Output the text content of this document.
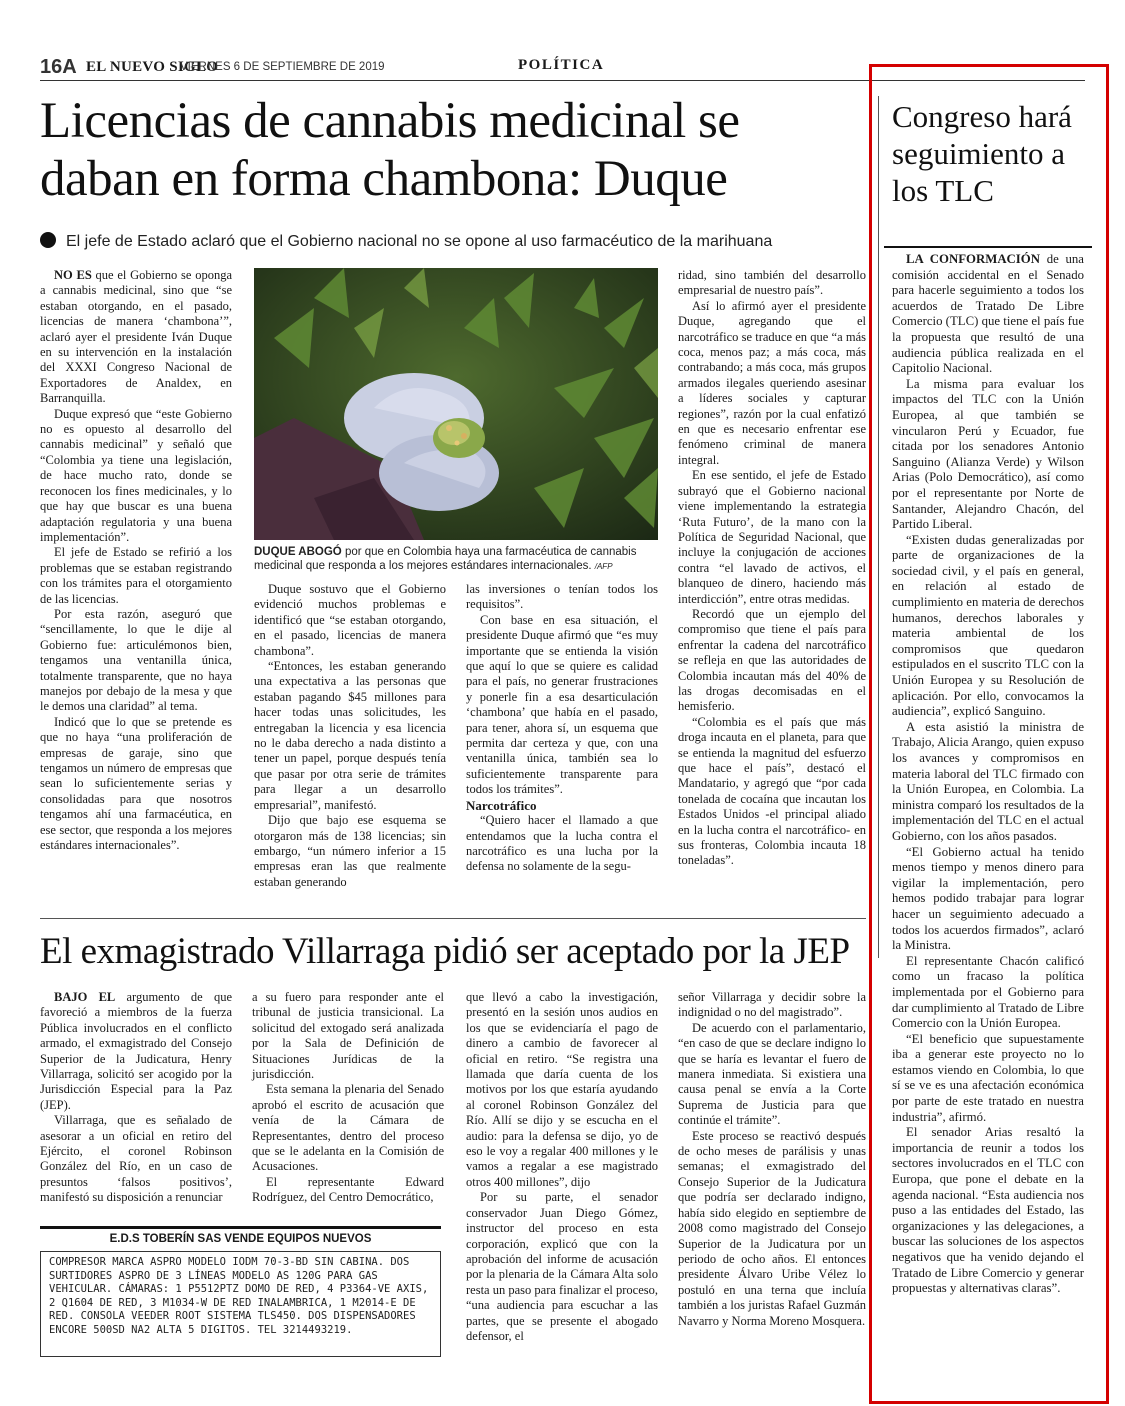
16A EL NUEVO SIGLO
VIERNES 6 DE SEPTIEMBRE DE 2019	POLÍTICA
Licencias de cannabis medicinal se daban en forma chambona: Duque
El jefe de Estado aclaró que el Gobierno nacional no se opone al uso farmacéutico de la marihuana

NO ES que el Gobierno se oponga a cannabis medicinal, sino que “se estaban otorgando, en el pasado, licencias de manera ‘chambona’”, aclaró ayer el presidente Iván Duque en su intervención en la instalación del XXXI Congreso Nacional de Exportadores de Analdex, en Barranquilla.

Duque expresó que “este Gobierno no es opuesto al desarrollo del cannabis medicinal” y señaló que “Colombia ya tiene una legislación, de hace mucho rato, donde se reconocen los fines medicinales, y lo que hay que buscar es una buena adaptación regulatoria y una buena implementación”.

El jefe de Estado se refirió a los problemas que se estaban registrando con los trámites para el otorgamiento de las licencias.

Por esta razón, aseguró que “sencillamente, lo que le dije al Gobierno fue: articulémonos bien, tengamos una ventanilla única, totalmente transparente, que no haya manejos por debajo de la mesa y que le demos una claridad” al tema.

Indicó que lo que se pretende es que no haya “una proliferación de empresas de garaje, sino que tengamos un número de empresas que sean lo suficientemente serias y consolidadas para que nosotros tengamos ahí una farmacéutica, en ese sector, que responda a los mejores estándares internacionales”.

DUQUE ABOGÓ por que en Colombia haya una farmacéutica de cannabis medicinal que responda a los mejores estándares internacionales. /AFP

Duque sostuvo que el Gobierno evidenció muchos problemas e identificó que “se estaban otorgando, en el pasado, licencias de manera chambona”.

“Entonces, les estaban generando una expectativa a las personas que estaban pagando $45 millones para hacer todas unas solicitudes, les entregaban la licencia y esa licencia no le daba derecho a nada distinto a tener un papel, porque después tenía que pasar por otra serie de trámites para llegar a un desarrollo empresarial”, manifestó.

Dijo que bajo ese esquema se otorgaron más de 138 licencias; sin embargo, “un número inferior a 15 empresas eran las que realmente estaban generando

las inversiones o tenían todos los requisitos”.

Con base en esa situación, el presidente Duque afirmó que “es muy importante que se entienda la visión que aquí lo que se quiere es calidad para el país, no generar frustraciones y ponerle fin a esa desarticulación ‘chambona’ que había en el pasado, para tener, ahora sí, un esquema que permita dar certeza y que, con una ventanilla única, también sea lo suficientemente transparente para todos los trámites”.

Narcotráfico

“Quiero hacer el llamado a que entendamos que la lucha contra el narcotráfico es una lucha por la defensa no solamente de la segu-

ridad, sino también del desarrollo empresarial de nuestro país”.

Así lo afirmó ayer el presidente Duque, agregando que el narcotráfico se traduce en que “a más coca, menos paz; a más coca, más contrabando; a más coca, más grupos armados ilegales queriendo asesinar a líderes sociales y capturar regiones”, razón por la cual enfatizó en que es necesario enfrentar ese fenómeno criminal de manera integral.

En ese sentido, el jefe de Estado subrayó que el Gobierno nacional viene implementando la estrategia ‘Ruta Futuro’, de la mano con la Política de Seguridad Nacional, que incluye la conjugación de acciones contra “el lavado de activos, el blanqueo de dinero, haciendo más interdicción”, entre otras medidas.

Recordó que un ejemplo del compromiso que tiene el país para enfrentar la cadena del narcotráfico se refleja en que las autoridades de Colombia incautan más del 40% de las drogas decomisadas en el hemisferio.

“Colombia es el país que más droga incauta en el planeta, para que se entienda la magnitud del esfuerzo que hace el país”, destacó el Mandatario, y agregó que “por cada tonelada de cocaína que incautan los Estados Unidos -el principal aliado en la lucha contra el narcotráfico- en sus fronteras, Colombia incauta 18 toneladas”.

El exmagistrado Villarraga pidió ser aceptado por la JEP

BAJO EL argumento de que favoreció a miembros de la fuerza Pública involucrados en el conflicto armado, el exmagistrado del Consejo Superior de la Judicatura, Henry Villarraga, solicitó ser acogido por la Jurisdicción Especial para la Paz (JEP).

Villarraga, que es señalado de asesorar a un oficial en retiro del Ejército, el coronel Robinson González del Río, en un caso de presuntos ‘falsos positivos’, manifestó su disposición a renunciar

a su fuero para responder ante el tribunal de justicia transicional. La solicitud del extogado será analizada por la Sala de Definición de Situaciones Jurídicas de la jurisdicción.

Esta semana la plenaria del Senado aprobó el escrito de acusación que venía de la Cámara de Representantes, dentro del proceso que se le adelanta en la Comisión de Acusaciones.

El representante Edward Rodríguez, del Centro Democrático,

que llevó a cabo la investigación, presentó en la sesión unos audios en los que se evidenciaría el pago de dinero a cambio de favorecer al oficial en retiro. “Se registra una llamada que daría cuenta de los motivos por los que estaría ayudando al coronel Robinson González del Río. Allí se dijo y se escucha en el audio: para la defensa se dijo, yo de eso le voy a regalar 400 millones y le vamos a regalar a ese magistrado otros 400 millones”, dijo

Por su parte, el senador conservador Juan Diego Gómez, instructor del proceso en esta corporación, explicó que con la aprobación del informe de acusación por la plenaria de la Cámara Alta solo resta un paso para finalizar el proceso, “una audiencia para escuchar a las partes, que se presente el abogado defensor, el

señor Villarraga y decidir sobre la indignidad o no del magistrado”.

De acuerdo con el parlamentario, “en caso de que se declare indigno lo que se haría es levantar el fuero de manera inmediata. Si existiera una causa penal se envía a la Corte Suprema de Justicia para que continúe el trámite”.

Este proceso se reactivó después de ocho meses de parálisis y unas semanas; el exmagistrado del Consejo Superior de la Judicatura que podría ser declarado indigno, había sido elegido en septiembre de 2008 como magistrado del Consejo Superior de la Judicatura por un periodo de ocho años. El entonces presidente Álvaro Uribe Vélez lo postuló en una terna que incluía también a los juristas Rafael Guzmán Navarro y Norma Moreno Mosquera.

E.D.S TOBERÍN SAS VENDE EQUIPOS NUEVOS
COMPRESOR MARCA ASPRO MODELO IODM 70-3-BD SIN CABINA. DOS SURTIDORES ASPRO DE 3 LÍNEAS MODELO AS 120G PARA GAS VEHICULAR. CÁMARAS: 1 P5512PTZ DOMO DE RED, 4 P3364-VE AXIS, 2 Q1604 DE RED, 3 M1034-W DE RED INALAMBRICA, 1 M2014-E DE RED. CONSOLA VEEDER ROOT SISTEMA TLS450. DOS DISPENSADORES ENCORE 500SD NA2 ALTA 5 DIGITOS. TEL 3214493219.
Congreso hará seguimiento a los TLC

LA CONFORMACIÓN de una comisión accidental en el Senado para hacerle seguimiento a todos los acuerdos de Tratado De Libre Comercio (TLC) que tiene el país fue la propuesta que resultó de una audiencia pública realizada en el Capitolio Nacional.

La misma para evaluar los impactos del TLC con la Unión Europea, al que también se vincularon Perú y Ecuador, fue citada por los senadores Antonio Sanguino (Alianza Verde) y Wilson Arias (Polo Democrático), así como por el representante por Norte de Santander, Alejandro Chacón, del Partido Liberal.

“Existen dudas generalizadas por parte de organizaciones de la sociedad civil, y el país en general, en relación al estado de cumplimiento en materia de derechos humanos, derechos laborales y materia ambiental de los compromisos que quedaron estipulados en el suscrito TLC con la Unión Europea y su Resolución de aplicación. Por ello, convocamos la audiencia”, explicó Sanguino.

A esta asistió la ministra de Trabajo, Alicia Arango, quien expuso los avances y compromisos en materia laboral del TLC firmado con la Unión Europea, en Colombia. La ministra comparó los resultados de la implementación del TLC en el actual Gobierno, con los años pasados.

“El Gobierno actual ha tenido menos tiempo y menos dinero para vigilar la implementación, pero hemos podido trabajar para lograr hacer un seguimiento adecuado a todos los acuerdos firmados”, aclaró la Ministra.

El representante Chacón calificó como un fracaso la política implementada por el Gobierno para dar cumplimiento al Tratado de Libre Comercio con la Unión Europea.

“El beneficio que supuestamente iba a generar este proyecto no lo estamos viendo en Colombia, lo que sí se ve es una afectación económica por parte de este tratado en nuestra industria”, afirmó.

El senador Arias resaltó la importancia de reunir a todos los sectores involucrados en el TLC con Europa, que pone el debate en la agenda nacional. “Esta audiencia nos puso a las entidades del Estado, las organizaciones y las delegaciones, a buscar las soluciones de los aspectos negativos que ha venido dejando el Tratado de Libre Comercio y generar propuestas y alternativas claras”.
